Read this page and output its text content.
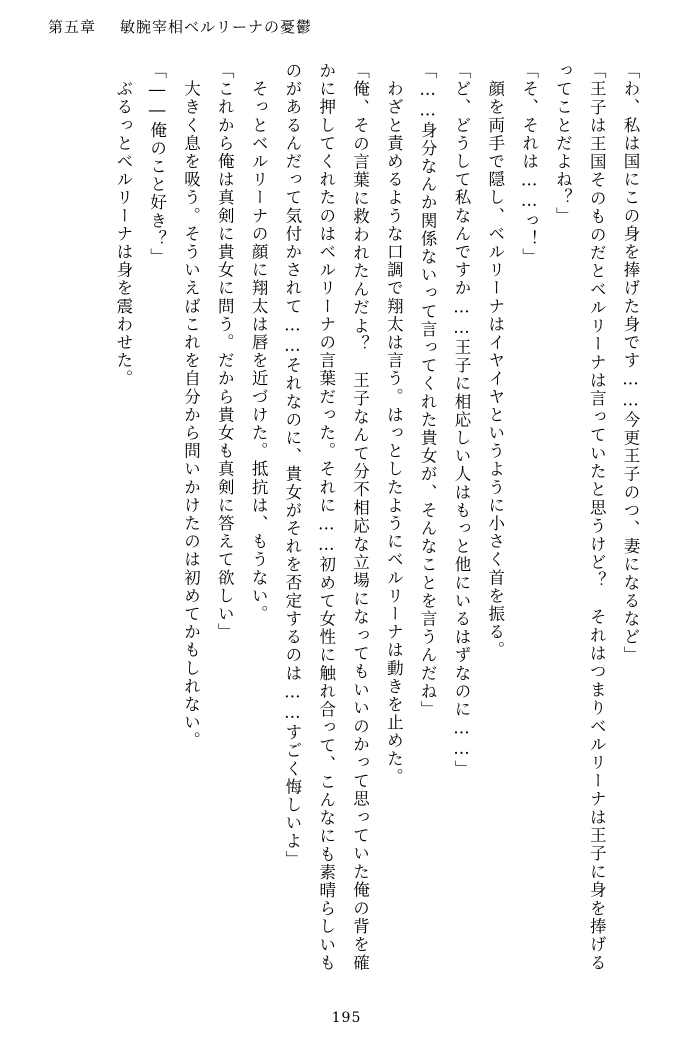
第五章 敏腕宰相ベルリーナの憂鬱

「わ、私は国にこの身を捧げた身です……今更王子のつ、妻になるなど」

「王子は王国そのものだとベルリーナは言っていたと思うけど？　それはつまりベルリーナは王子に身を捧げるってことだよね？」

「そ、それは……っ！」

　顔を両手で隠し、ベルリーナはイヤイヤというように小さく首を振る。

「ど、どうして私なんですか……王子に相応しい人はもっと他にいるはずなのに……」

「……身分なんか関係ないって言ってくれた貴女が、そんなことを言うんだね」

　わざと責めるような口調で翔太は言う。はっとしたようにベルリーナは動きを止めた。

「俺、その言葉に救われたんだよ？　王子なんて分不相応な立場になってもいいのかって思っていた俺の背を確かに押してくれたのはベルリーナの言葉だった。それに……初めて女性に触れ合って、こんなにも素晴らしいものがあるんだって気付かされて……それなのに、貴女がそれを否定するのは……すごく悔しいよ」

　そっとベルリーナの顔に翔太は唇を近づけた。抵抗は、もうない。

「これから俺は真剣に貴女に問う。だから貴女も真剣に答えて欲しい」

　大きく息を吸う。そういえばこれを自分から問いかけたのは初めてかもしれない。

「――俺のこと好き？」

　ぶるっとベルリーナは身を震わせた。

195
